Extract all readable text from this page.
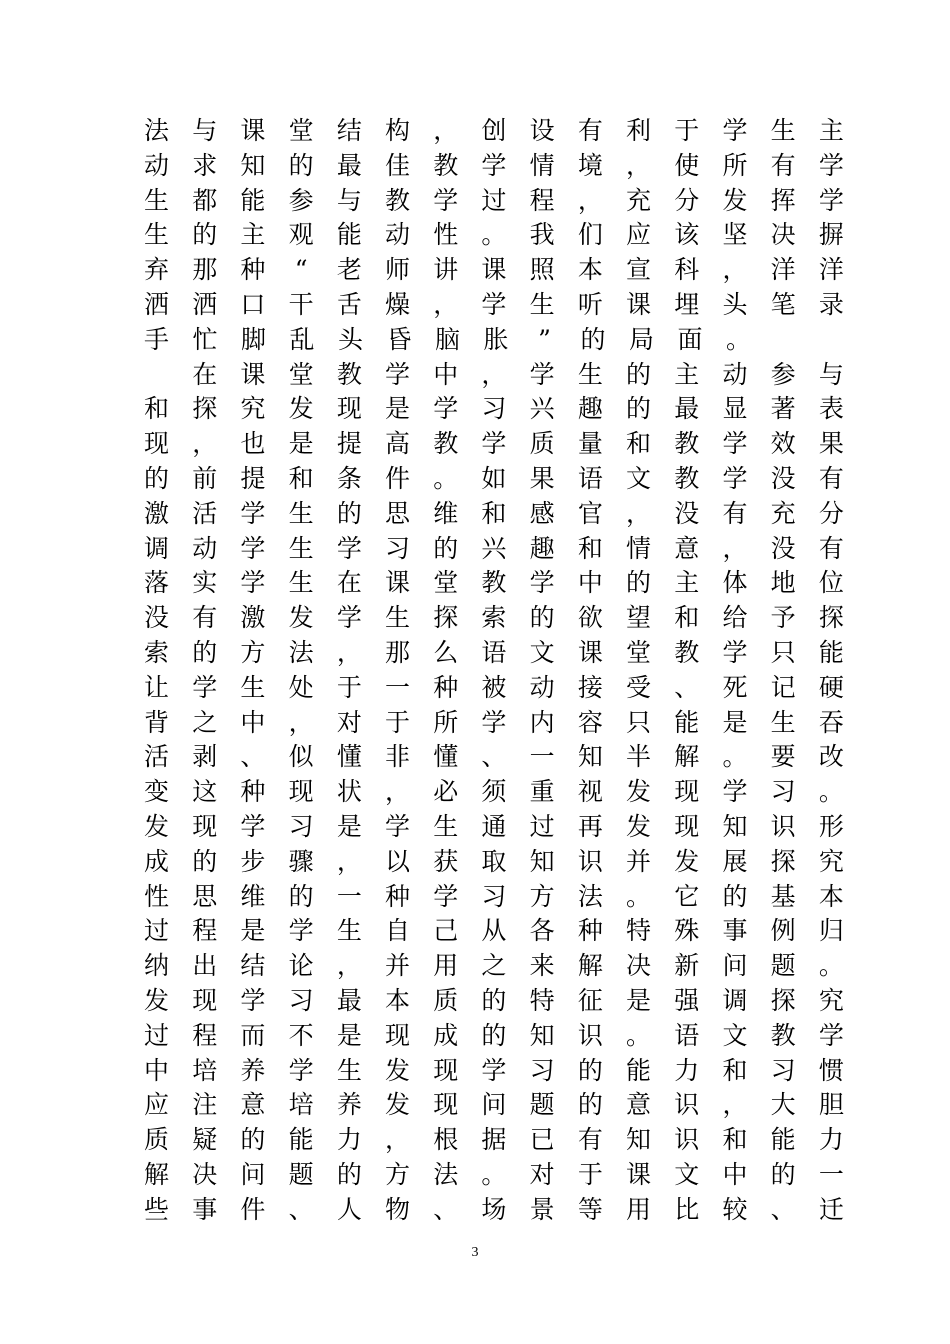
法 与 课 堂 结 构 ， 创 设 有 利 于 学 生 主
动 求 知 的 最 佳 教 学 情 境 ， 使 所 有 学
生 都 能 参 与 教 学 过 程 ， 充 分 发 挥 学
生 的 主 观 能 动 性 。 我 们 应 该 坚 决 摒
弃 那 种 “ 老 师 讲 课 照 本 宣 科 ， 洋 洋
洒 洒 口 干 舌 燥 ， 学 生 听 课 埋 头 笔 录
手 忙 脚 乱 头 昏 脑 胀 ” 的 局 面 。

在 课 堂 教 学 中 ， 学 生 的 主 动 参 与
和 探 究 发 现 是 学 习 兴 趣 的 最 显 著 表
现 ， 也 是 提 高 教 学 质 量 和 教 学 效 果
的 前 提 和 条 件 。 如 果 语 文 教 学 没 有
激 活 学 生 的 思 维 和 感 官 ， 没 有 充 分
调 动 学 生 学 习 的 兴 趣 和 情 意 ， 没 有
落 实 学 生 在 课 堂 教 学 中 的 主 体 地 位
没 有 激 发 学 生 探 索 的 欲 望 和 给 予 探
索 的 方 法 ， 那 么 语 文 课 堂 教 学 只 能
让 学 生 处 于 一 种 被 动 接 受 、 死 记 硬
背 之 中 ， 对 于 所 学 内 容 只 能 是 生 吞
活 剥 、 似 懂 非 懂 、 一 知 半 解 。 要 改
变 这 种 现 状 ， 必 须 重 视 发 现 学 习 。
发 现 学 习 是 学 生 通 过 再 发 现 知 识 形
成 的 步 骤 ， 以 获 取 知 识 并 发 展 探 究
性 思 维 的 一 种 学 习 方 法 。 它 的 基 本
过 程 是 学 生 自 己 从 各 种 特 殊 事 例 归
纳 出 结 论 ， 并 用 之 来 解 决 新 问 题 。
发 现 学 习 最 本 质 的 特 征 是 强 调 探 究
过 程 而 不 是 现 成 的 知 识 。 语 文 教 学
中 培 养 学 生 发 现 学 习 的 能 力 和 习 惯
应 注 意 培 养 发 现 问 题 的 意 识 ， 大 胆
质 疑 的 能 力 ， 根 据 已 有 知 识 和 能 力
解 决 问 题 的 方 法 。 对 于 课 文 中 的 一
些 事 件 、 人 物 、 场 景 等 用 比 较 、 迁
3
